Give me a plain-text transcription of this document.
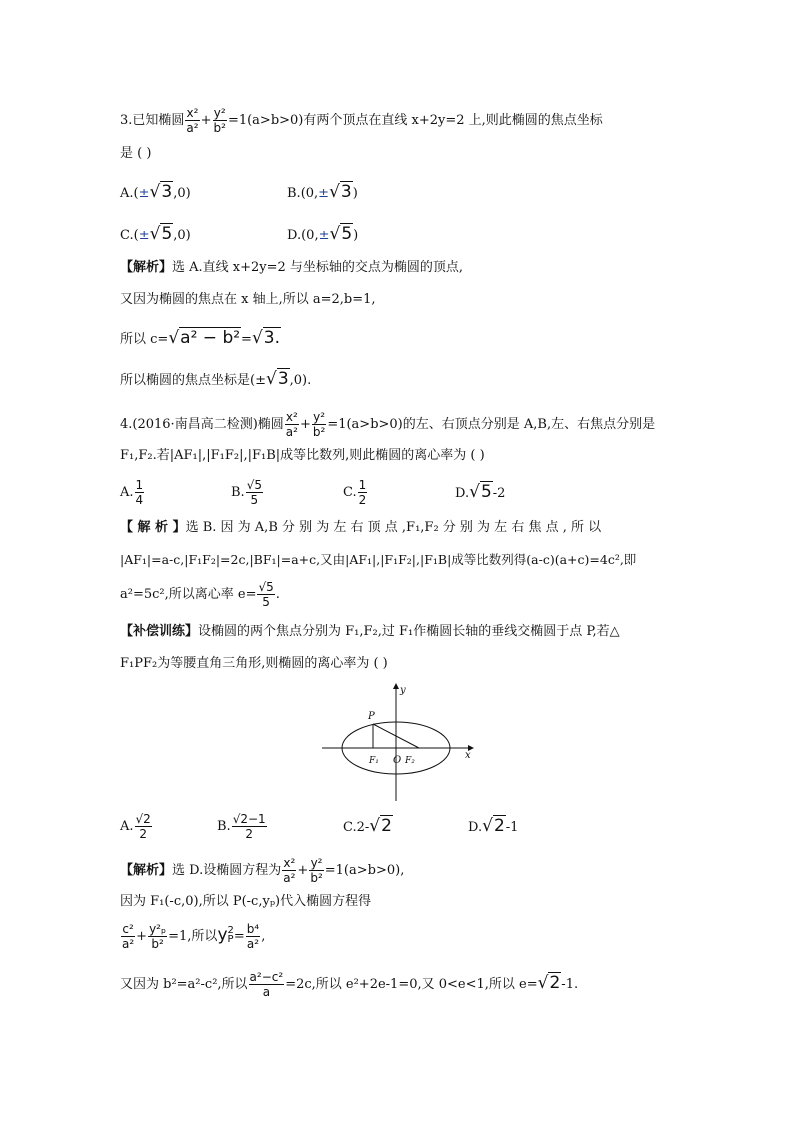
3.已知椭圆 $\frac{\text{x²}}{\text{a²}} + \frac{\text{y²}}{\text{b²}} =1(a>b>0)$有两个顶点在直线 x+2y=2 上,则此椭圆的焦点坐标
是 ( )
A.(±√3,0)	B.(0,±√3)
C.(±√5,0)	D.(0,±√5)
【解析】选 A.直线 x+2y=2 与坐标轴的交点为椭圆的顶点,
又因为椭圆的焦点在 x 轴上,所以 a=2,b=1,
所以 c=√a² − b²=√3.
所以椭圆的焦点坐标是(±√3,0).
4.(2016·南昌高二检测)椭圆 $\frac{\text{x²}}{\text{a²}} + \frac{\text{y²}}{\text{b²}} =1(a>b>0)$的左、右顶点分别是 A,B,左、右焦点分别是
F₁,F₂.若|AF₁|,|F₁F₂|,|F₁B|成等比数列,则此椭圆的离心率为 ( )
A. $\frac{1}{4}$	B. $\frac{√5}{5}$	C. $\frac{1}{2}$	D.√5-2
【 解 析 】选 B. 因 为 A,B 分 别 为 左 右 顶 点 ,F₁,F₂ 分 别 为 左 右 焦 点 , 所 以
|AF₁|=a-c,|F₁F₂|=2c,|BF₁|=a+c,又由|AF₁|,|F₁F₂|,|F₁B|成等比数列得(a-c)(a+c)=4c²,即
a²=5c²,所以离心率 $e= \frac{√5}{5}$ .
【补偿训练】设椭圆的两个焦点分别为 F₁,F₂,过 F₁作椭圆长轴的垂线交椭圆于点 P,若△
F₁PF₂为等腰直角三角形,则椭圆的离心率为 ( )
y
x
P
F₁ O F₂
A. $\frac{√2}{2}$	B. $\frac{√2-1}{2}$	C.2-√2	D.√2-1
【解析】选 D.设椭圆方程为 $\frac{\text{x²}}{\text{a²}} + \frac{\text{y²}}{\text{b²}} =1(a>b>0)$,
因为 F₁(-c,0),所以 P(-c,yₚ)代入椭圆方程得
$\frac{\text{c²}}{\text{a²}} + \frac{\text{y²ₚ}}{\text{b²}} =1$,所以y 2
$P = \frac{\text{b⁴}}{\text{a²}}$ ,
又因为 b²=a²-c²,所以 $\frac{\text{a²−c²}}{a} =2c$,所以 e²+2e-1=0,又 0<e<1,所以 e=√2-1.
